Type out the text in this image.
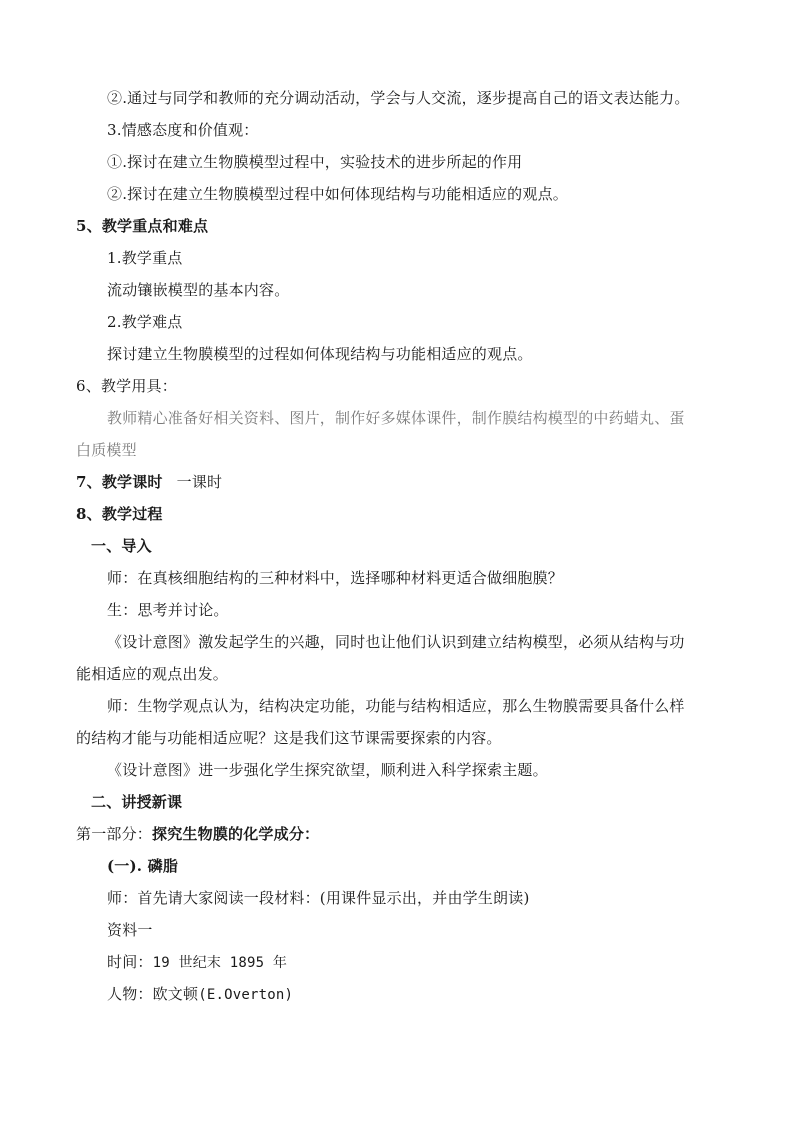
②.通过与同学和教师的充分调动活动，学会与人交流，逐步提高自己的语文表达能力。
3.情感态度和价值观：
①.探讨在建立生物膜模型过程中，实验技术的进步所起的作用
②.探讨在建立生物膜模型过程中如何体现结构与功能相适应的观点。
5、教学重点和难点
1.教学重点
流动镶嵌模型的基本内容。
2.教学难点
探讨建立生物膜模型的过程如何体现结构与功能相适应的观点。
6、教学用具：
教师精心准备好相关资料、图片，制作好多媒体课件，制作膜结构模型的中药蜡丸、蛋
白质模型
7、教学课时 一课时
8、教学过程
一、导入
师：在真核细胞结构的三种材料中，选择哪种材料更适合做细胞膜？
生：思考并讨论。
《设计意图》激发起学生的兴趣，同时也让他们认识到建立结构模型，必须从结构与功
能相适应的观点出发。
师：生物学观点认为，结构决定功能，功能与结构相适应，那么生物膜需要具备什么样
的结构才能与功能相适应呢？这是我们这节课需要探索的内容。
《设计意图》进一步强化学生探究欲望，顺利进入科学探索主题。
二、讲授新课
第一部分：探究生物膜的化学成分：
(一). 磷脂
师：首先请大家阅读一段材料：(用课件显示出，并由学生朗读)
资料一
时间：19 世纪末 1895 年
人物：欧文顿(E.Overton)
